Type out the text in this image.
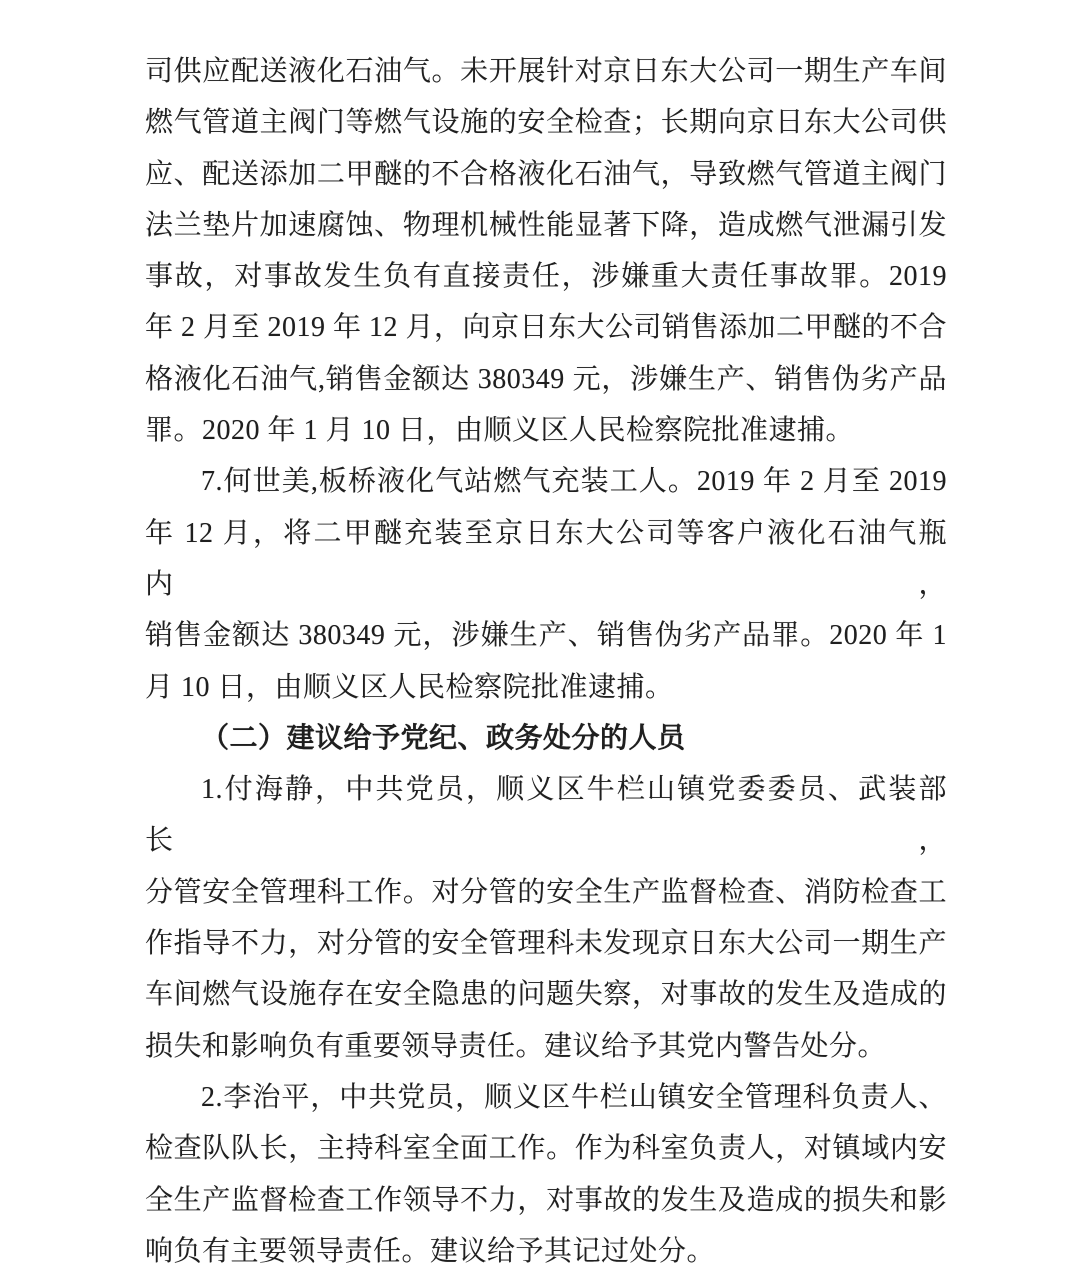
司供应配送液化石油气。未开展针对京日东大公司一期生产车间
燃气管道主阀门等燃气设施的安全检查；长期向京日东大公司供
应、配送添加二甲醚的不合格液化石油气，导致燃气管道主阀门
法兰垫片加速腐蚀、物理机械性能显著下降，造成燃气泄漏引发
事故，对事故发生负有直接责任，涉嫌重大责任事故罪。2019
年 2 月至 2019 年 12 月，向京日东大公司销售添加二甲醚的不合
格液化石油气,销售金额达 380349 元，涉嫌生产、销售伪劣产品
罪。2020 年 1 月 10 日，由顺义区人民检察院批准逮捕。
7.何世美,板桥液化气站燃气充装工人。2019 年 2 月至 2019
年 12 月，将二甲醚充装至京日东大公司等客户液化石油气瓶内，
销售金额达 380349 元，涉嫌生产、销售伪劣产品罪。2020 年 1
月 10 日，由顺义区人民检察院批准逮捕。
（二）建议给予党纪、政务处分的人员
1.付海静，中共党员，顺义区牛栏山镇党委委员、武装部长，
分管安全管理科工作。对分管的安全生产监督检查、消防检查工
作指导不力，对分管的安全管理科未发现京日东大公司一期生产
车间燃气设施存在安全隐患的问题失察，对事故的发生及造成的
损失和影响负有重要领导责任。建议给予其党内警告处分。
2.李治平，中共党员，顺义区牛栏山镇安全管理科负责人、
检查队队长，主持科室全面工作。作为科室负责人，对镇域内安
全生产监督检查工作领导不力，对事故的发生及造成的损失和影
响负有主要领导责任。建议给予其记过处分。
